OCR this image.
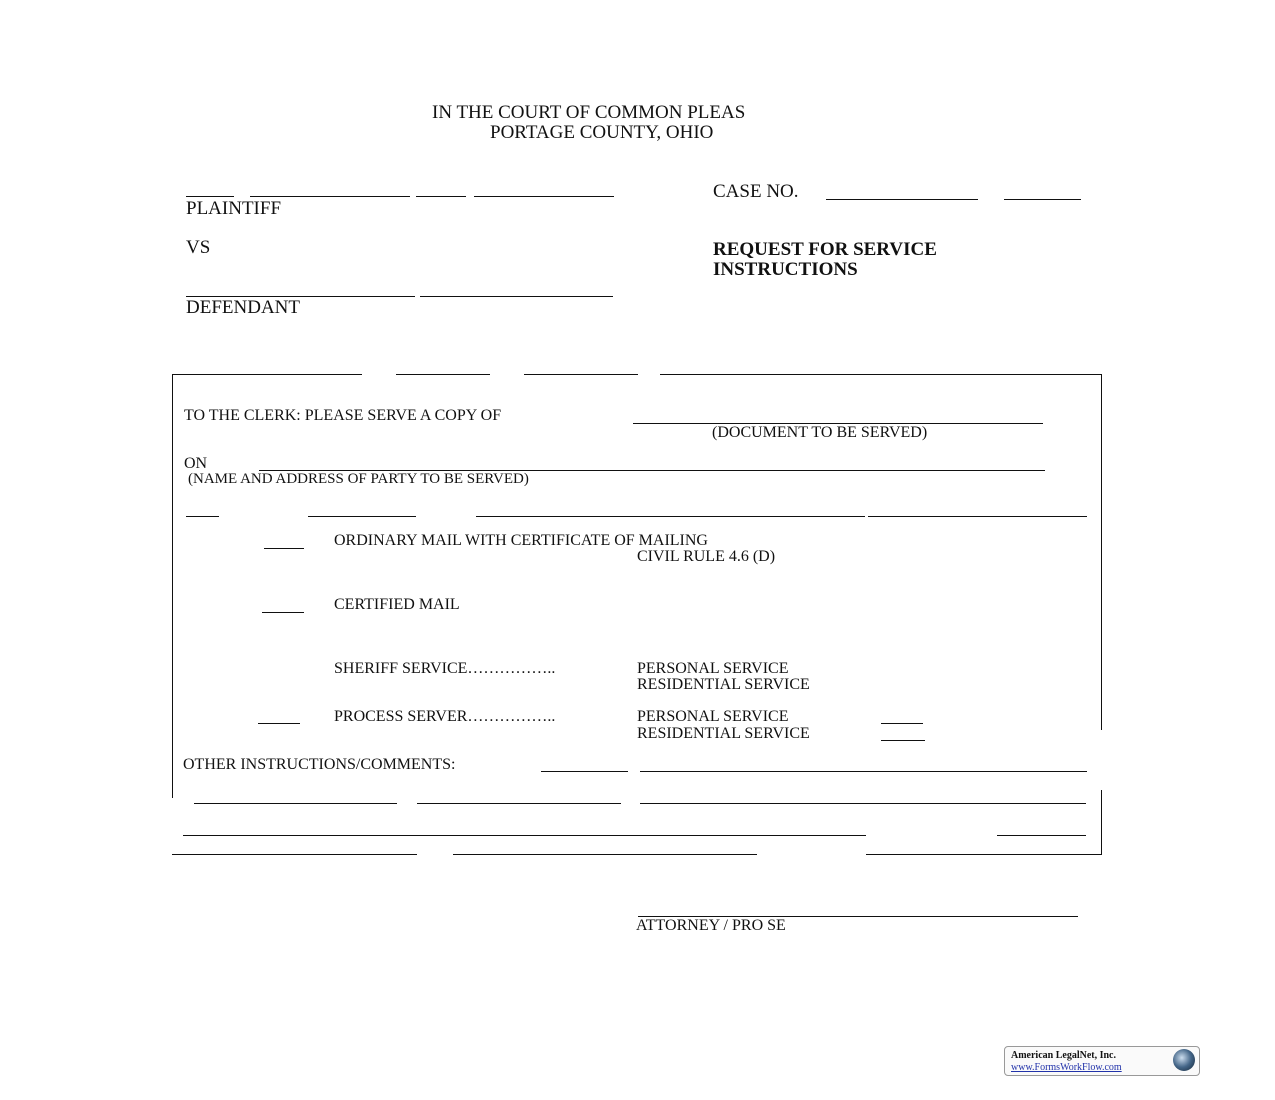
IN THE COURT OF COMMON PLEAS
PORTAGE COUNTY, OHIO
PLAINTIFF
VS
DEFENDANT
CASE NO.
REQUEST FOR SERVICE
INSTRUCTIONS
TO THE CLERK: PLEASE SERVE A COPY OF
(DOCUMENT TO BE SERVED)
ON
(NAME AND ADDRESS OF PARTY TO BE SERVED)
ORDINARY MAIL WITH CERTIFICATE OF MAILING
CIVIL RULE 4.6 (D)
CERTIFIED MAIL
SHERIFF SERVICE……………..	PERSONAL SERVICE
RESIDENTIAL SERVICE
PROCESS SERVER……………..	PERSONAL SERVICE
RESIDENTIAL SERVICE
OTHER INSTRUCTIONS/COMMENTS:
ATTORNEY / PRO SE
American LegalNet, Inc.
www.FormsWorkFlow.com
